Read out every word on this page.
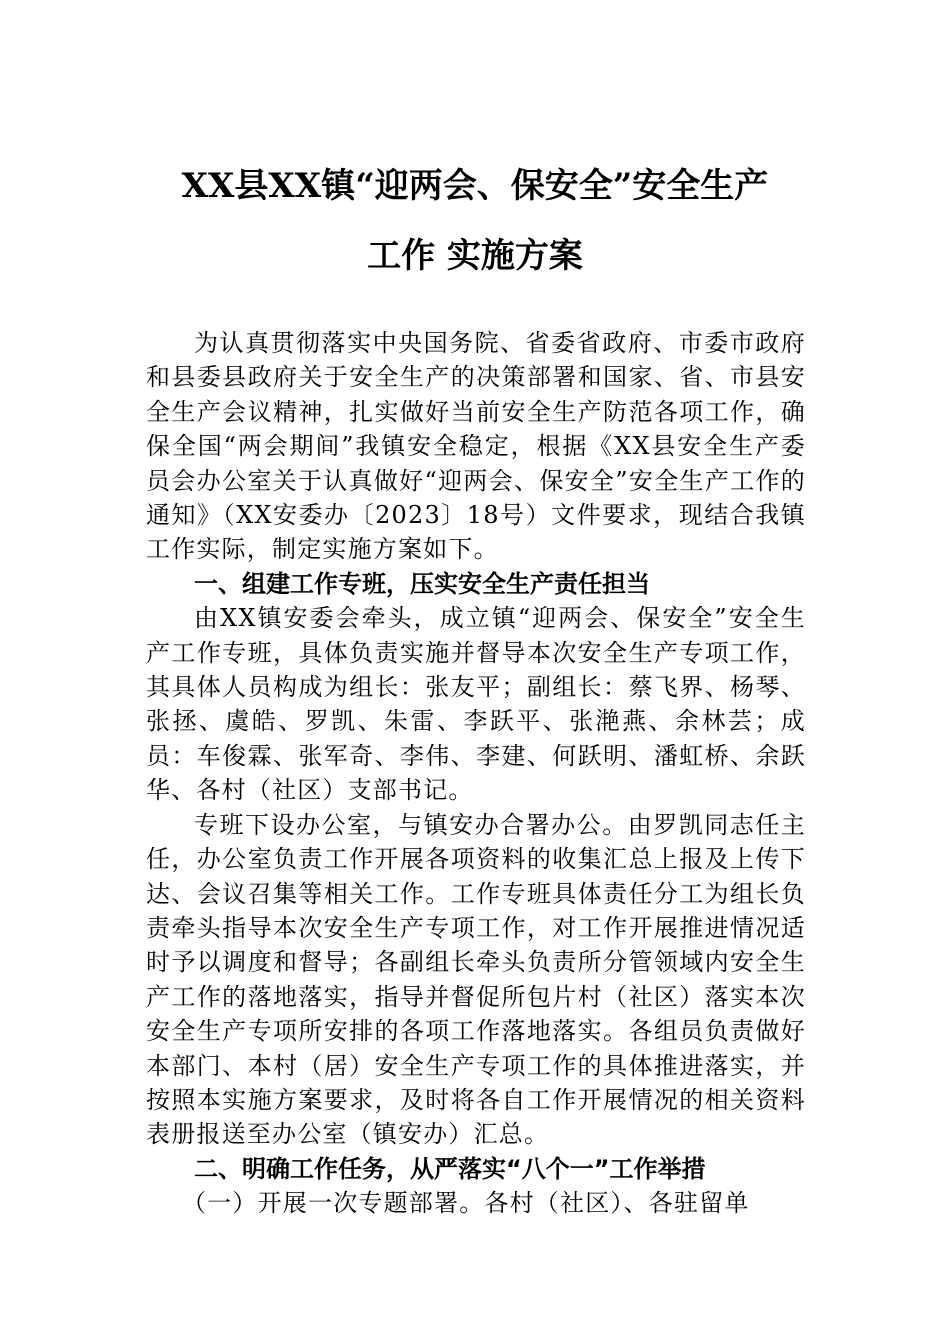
XX县XX镇“迎两会、保安全”安全生产
工作 实施方案

为认真贯彻落实中央国务院、省委省政府、市委市政府和县委县政府关于安全生产的决策部署和国家、省、市县安全生产会议精神，扎实做好当前安全生产防范各项工作，确保全国“两会期间”我镇安全稳定，根据《XX县安全生产委员会办公室关于认真做好“迎两会、保安全”安全生产工作的通知》（XX安委办〔2023〕18号）文件要求，现结合我镇工作实际，制定实施方案如下。

一、组建工作专班，压实安全生产责任担当

由XX镇安委会牵头，成立镇“迎两会、保安全”安全生产工作专班，具体负责实施并督导本次安全生产专项工作，其具体人员构成为组长：张友平；副组长：蔡飞界、杨琴、张拯、虞皓、罗凯、朱雷、李跃平、张滟燕、余林芸；成员：车俊霖、张军奇、李伟、李建、何跃明、潘虹桥、余跃华、各村（社区）支部书记。

专班下设办公室，与镇安办合署办公。由罗凯同志任主任，办公室负责工作开展各项资料的收集汇总上报及上传下达、会议召集等相关工作。工作专班具体责任分工为组长负责牵头指导本次安全生产专项工作，对工作开展推进情况适时予以调度和督导；各副组长牵头负责所分管领域内安全生产工作的落地落实，指导并督促所包片村（社区）落实本次安全生产专项所安排的各项工作落地落实。各组员负责做好本部门、本村（居）安全生产专项工作的具体推进落实，并按照本实施方案要求，及时将各自工作开展情况的相关资料表册报送至办公室（镇安办）汇总。

二、明确工作任务，从严落实“八个一”工作举措

（一）开展一次专题部署。各村（社区）、各驻留单
